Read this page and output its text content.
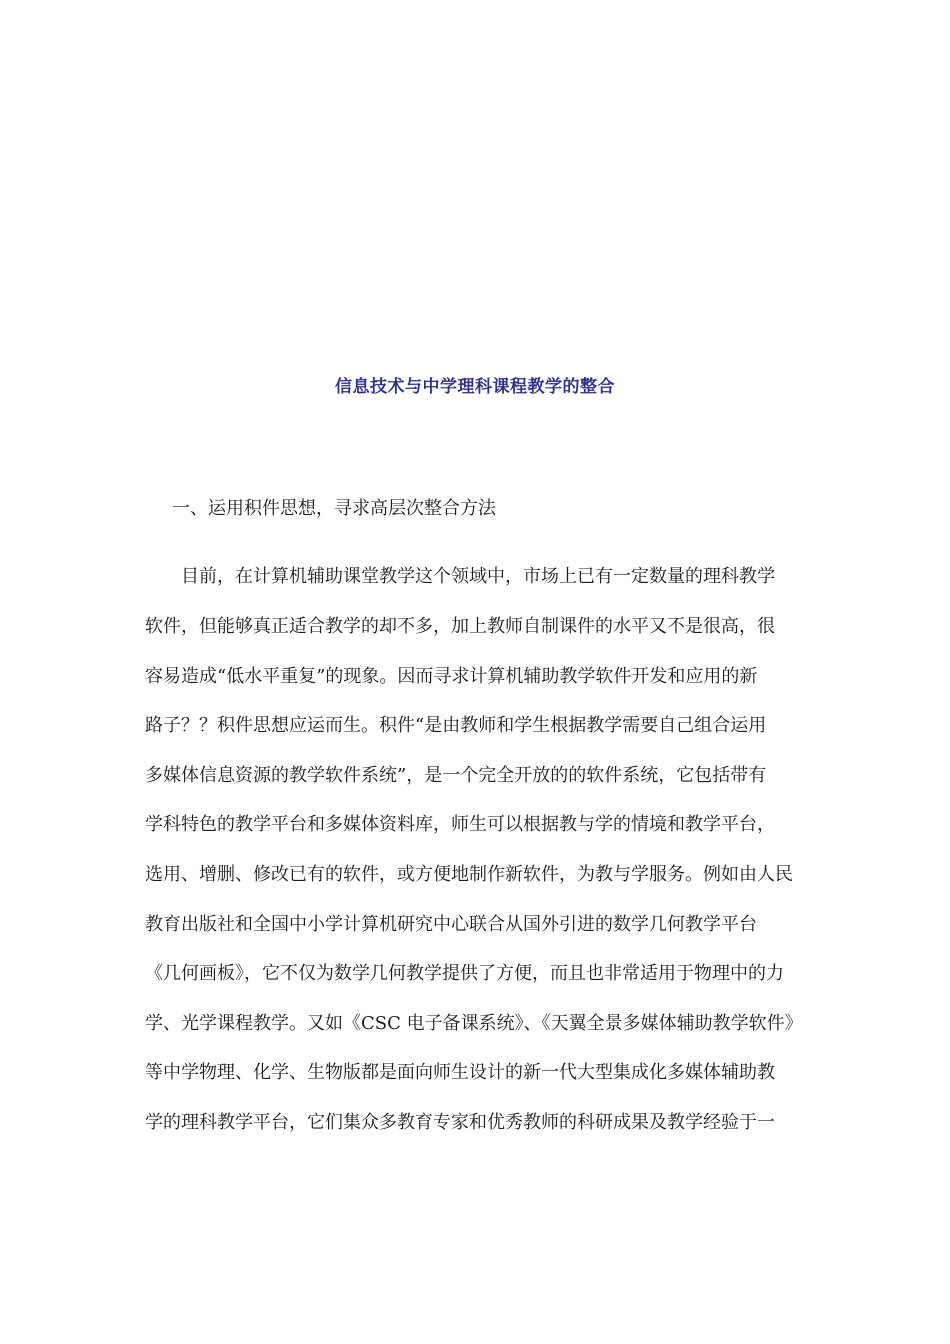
信息技术与中学理科课程教学的整合
一、运用积件思想，寻求高层次整合方法
目前，在计算机辅助课堂教学这个领域中，市场上已有一定数量的理科教学
软件，但能够真正适合教学的却不多，加上教师自制课件的水平又不是很高，很
容易造成“低水平重复”的现象。因而寻求计算机辅助教学软件开发和应用的新
路子？？积件思想应运而生。积件“是由教师和学生根据教学需要自己组合运用
多媒体信息资源的教学软件系统”，是一个完全开放的的软件系统，它包括带有
学科特色的教学平台和多媒体资料库，师生可以根据教与学的情境和教学平台，
选用、增删、修改已有的软件，或方便地制作新软件，为教与学服务。例如由人民
教育出版社和全国中小学计算机研究中心联合从国外引进的数学几何教学平台
《几何画板》，它不仅为数学几何教学提供了方便，而且也非常适用于物理中的力
学、光学课程教学。又如《CSC 电子备课系统》、《天翼全景多媒体辅助教学软件》
等中学物理、化学、生物版都是面向师生设计的新一代大型集成化多媒体辅助教
学的理科教学平台，它们集众多教育专家和优秀教师的科研成果及教学经验于一
